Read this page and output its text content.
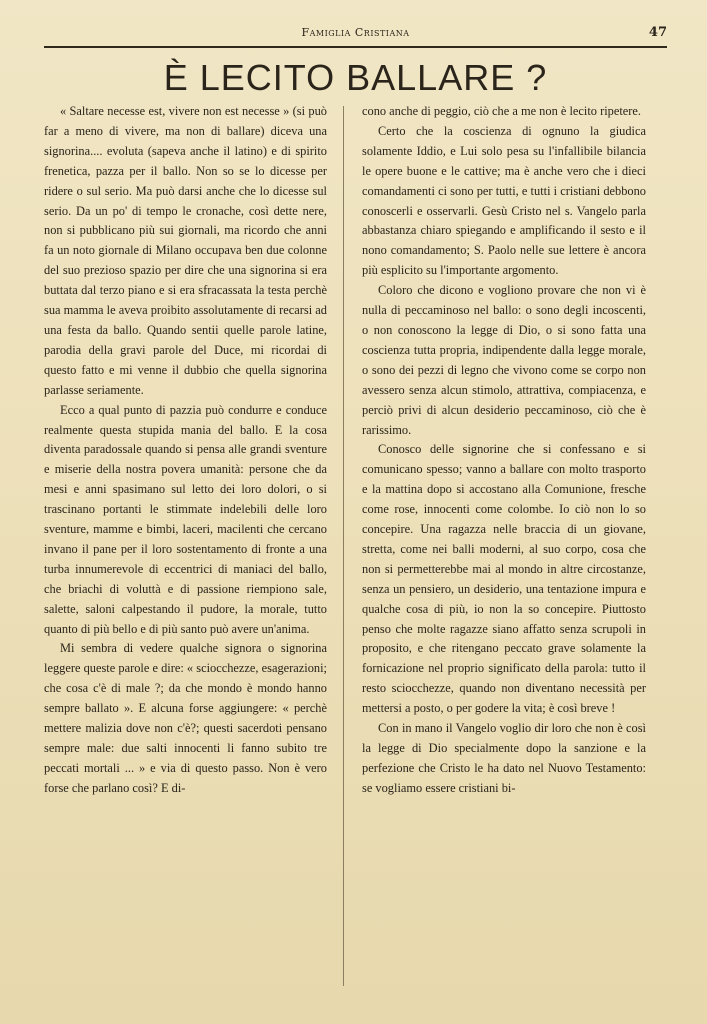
Famiglia Cristiana	47
È LECITO BALLARE ?

« Saltare necesse est, vivere non est necesse » (si può far a meno di vivere, ma non di ballare) diceva una signorina.... evoluta (sapeva anche il latino) e di spirito frenetica, pazza per il ballo. Non so se lo dicesse per ridere o sul serio. Ma può darsi anche che lo dicesse sul serio. Da un po' di tempo le cronache, così dette nere, non si pubblicano più sui giornali, ma ricordo che anni fa un noto giornale di Milano occupava ben due colonne del suo prezioso spazio per dire che una signorina si era buttata dal terzo piano e si era sfracassata la testa perchè sua mamma le aveva proibito assolutamente di recarsi ad una festa da ballo. Quando sentii quelle parole latine, parodia della gravi parole del Duce, mi ricordai di questo fatto e mi venne il dubbio che quella signorina parlasse seriamente.

Ecco a qual punto di pazzia può condurre e conduce realmente questa stupida mania del ballo. E la cosa diventa paradossale quando si pensa alle grandi sventure e miserie della nostra povera umanità: persone che da mesi e anni spasimano sul letto dei loro dolori, o si trascinano portanti le stimmate indelebili delle loro sventure, mamme e bimbi, laceri, macilenti che cercano invano il pane per il loro sostentamento di fronte a una turba innumerevole di eccentrici di maniaci del ballo, che briachi di voluttà e di passione riempiono sale, salette, saloni calpestando il pudore, la morale, tutto quanto di più bello e di più santo può avere un'anima.

Mi sembra di vedere qualche signora o signorina leggere queste parole e dire: « sciocchezze, esagerazioni; che cosa c'è di male ?; da che mondo è mondo hanno sempre ballato ». E alcuna forse aggiungere: « perchè mettere malizia dove non c'è?; questi sacerdoti pensano sempre male: due salti innocenti li fanno subito tre peccati mortali ... » e via di questo passo. Non è vero forse che parlano così? E di-

cono anche di peggio, ciò che a me non è lecito ripetere.

Certo che la coscienza di ognuno la giudica solamente Iddio, e Lui solo pesa su l'infallibile bilancia le opere buone e le cattive; ma è anche vero che i dieci comandamenti ci sono per tutti, e tutti i cristiani debbono conoscerli e osservarli. Gesù Cristo nel s. Vangelo parla abbastanza chiaro spiegando e amplificando il sesto e il nono comandamento; S. Paolo nelle sue lettere è ancora più esplicito su l'importante argomento.

Coloro che dicono e vogliono provare che non vi è nulla di peccaminoso nel ballo: o sono degli incoscenti, o non conoscono la legge di Dio, o si sono fatta una coscienza tutta propria, indipendente dalla legge morale, o sono dei pezzi di legno che vivono come se corpo non avessero senza alcun stimolo, attrattiva, compiacenza, e perciò privi di alcun desiderio peccaminoso, ciò che è rarissimo.

Conosco delle signorine che si confessano e si comunicano spesso; vanno a ballare con molto trasporto e la mattina dopo si accostano alla Comunione, fresche come rose, innocenti come colombe. Io ciò non lo so concepire. Una ragazza nelle braccia di un giovane, stretta, come nei balli moderni, al suo corpo, cosa che non si permetterebbe mai al mondo in altre circostanze, senza un pensiero, un desiderio, una tentazione impura e qualche cosa di più, io non la so concepire. Piuttosto penso che molte ragazze siano affatto senza scrupoli in proposito, e che ritengano peccato grave solamente la fornicazione nel proprio significato della parola: tutto il resto sciocchezze, quando non diventano necessità per mettersi a posto, o per godere la vita; è così breve !

Con in mano il Vangelo voglio dir loro che non è così la legge di Dio specialmente dopo la sanzione e la perfezione che Cristo le ha dato nel Nuovo Testamento: se vogliamo essere cristiani bi-
